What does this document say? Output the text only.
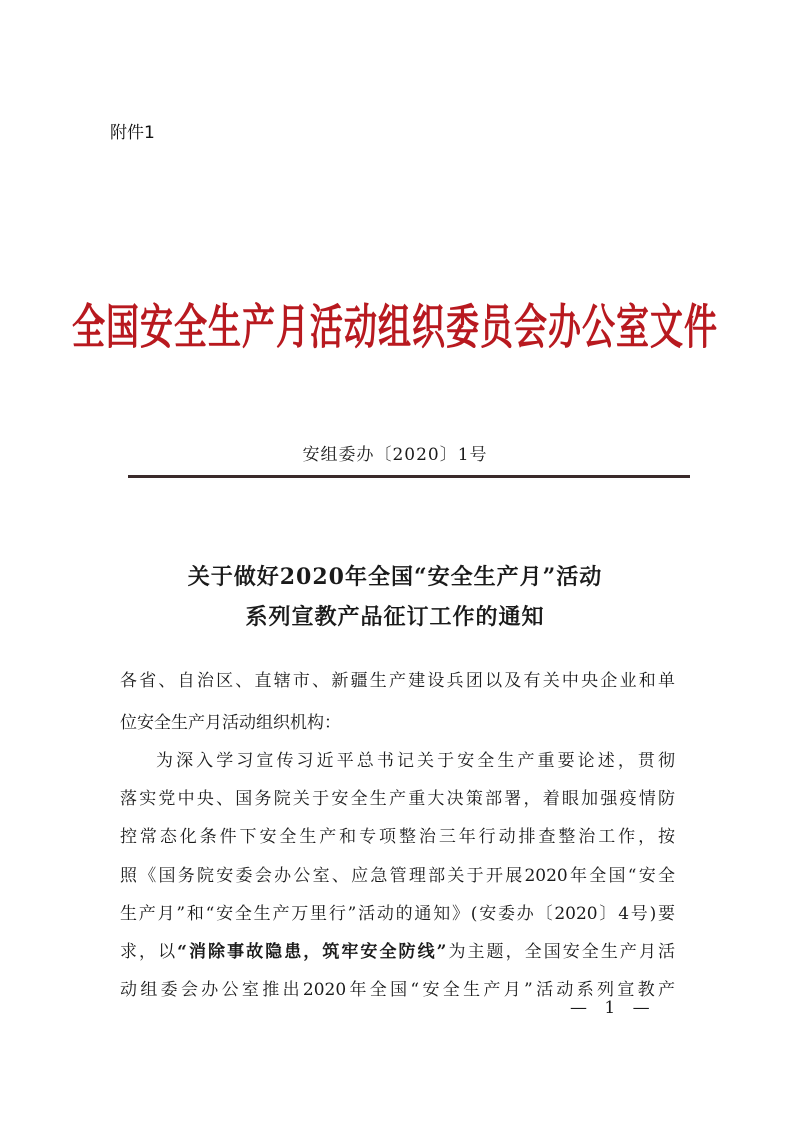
附件1
全国安全生产月活动组织委员会办公室文件
安组委办〔2020〕1号
关于做好2020年全国“安全生产月”活动
系列宣教产品征订工作的通知
各省、自治区、直辖市、新疆生产建设兵团以及有关中央企业和单
位安全生产月活动组织机构：
为深入学习宣传习近平总书记关于安全生产重要论述，贯彻
落实党中央、国务院关于安全生产重大决策部署，着眼加强疫情防
控常态化条件下安全生产和专项整治三年行动排查整治工作，按
照《国务院安委会办公室、应急管理部关于开展2020年全国“安全
生产月”和“安全生产万里行”活动的通知》(安委办〔2020〕4号)要
求，以“消除事故隐患，筑牢安全防线”为主题，全国安全生产月活
动组委会办公室推出2020年全国“安全生产月”活动系列宣教产
— 1 —
